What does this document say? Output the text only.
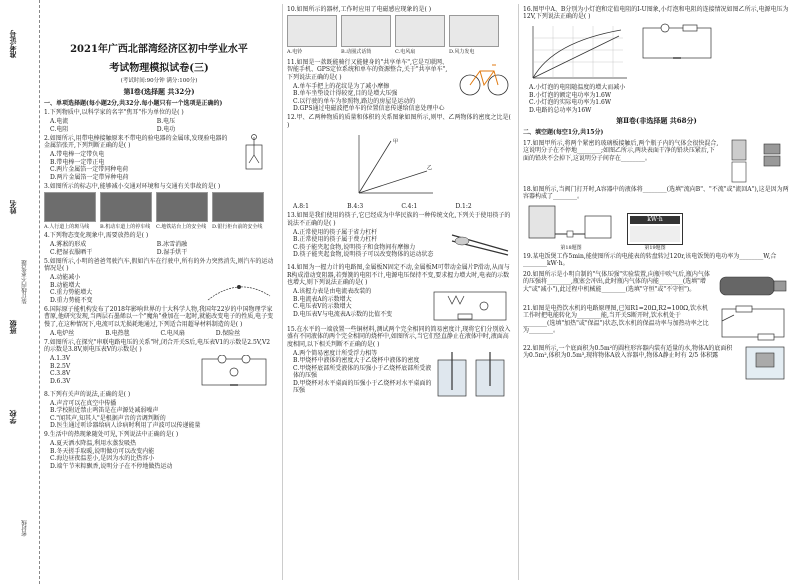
准考证号
姓名
班级
学校
装订线内不要答题
密封线
2021年广西北部湾经济区初中学业水平
考试物理模拟试卷(三)
(考试时间:90分钟 满分:100分)
第Ⅰ卷(选择题 共32分)
一、单项选择题(每小题2分,共32分.每小题只有一个选项是正确的)
1.下列物质中,以科学家的名字"焦耳"作为单位的是( )
A.电流	B.电压
C.电阻	D.电功
2.如图所示,用带电棒接触原来不带电的验电器的金属球,发现验电器的金属箔张开,下列判断正确的是( )
A.带电棒一定带负电
B.带电棒一定带正电
C.两片金属箔一定带同种电荷
D.两片金属箔一定带异种电荷
3.如图所示的标志中,能够减小交通对环境和与交通有关事故的是( )
A.人行道上的斑马线	B.机动车道上的停车线	C.地铁站台上的安全线	D.银行柜台前的安全线
4.下列物态变化现象中,需要放热的是( )
A.雾凇的形成	B.冰雪消融
C.把湿衣服晒干	D.湿手烘干
5.如图所示,小明的爸爸驾驶汽车,假如汽车在行驶中,所有的外力突然消失,则汽车的运动情况是( )
A.动能减小
B.动能增大
C.重力势能增大
D.重力势能不变
6.国际原子能机构发布了2018年影响世界的十大科学人物,我国年22岁的中国物理学家曹原,他研究发现,当两层石墨烯以一个"魔角"叠加在一起时,就能改变电子的性质,电子变慢了,在这种情况下,电流可以无损耗地通过,下列适合用超导材料制造的是( )
A.电炉丝	B.电热毯	C.电风扇	D.保险丝
7.如图所示,在探究"串联电路电压的关系"时,闭合开关S后,电压表V1的示数是2.5V,V2的示数是3.8V,则电压表V的示数是( )
A.1.3V
B.2.5V
C.3.8V
D.6.3V
8.下列有关声的说法,正确的是( )
A.声音可以在真空中传播
B.学校附近禁止鸣笛是在声源处减弱噪声
C."闻其声,知其人"是根据声音的音调判断的
D.医生通过听诊器给病人诊病时利用了声波可以传递能量
9.生活中的热现象随处可见,下列说法中正确的是( )
A.夏天洒水降温,利用水蒸发吸热
B.冬天搓手取暖,说明做功可以改变内能
C.海边昼夜温差小,是因为水的比热容小
D.端午节米粽飘香,说明分子在不停地做热运动
10.如图所示的器材,工作时应用了电磁感应现象的是( )
A.电铃	B.动圈式话筒	C.电风扇	D.风力发电
11.如图是一款既能骑行又能健身的"共享单车",它是互联网、智能手机、GPS定位系统和单车的资源整合,关于"共享单车",下列说法正确的是( )
A.单车手把上的花纹是为了减小摩擦
B.单车坐垫设计得较宽,目的是增大压强
C.以行驶的单车为参照物,路边的房屋是运动的
D.GPS通过电磁波把单车的位置信息传递给信息处理中心
12.甲、乙两种物质的质量和体积的关系图象如图所示,则甲、乙两物体的密度之比是( )
甲
乙
A.8:1	B.4:3	C.4:1	D.1:2
13.如图是我们使用的筷子,它已经成为中华民族的一种传统文化,下列关于使用筷子的说法不正确的是( )
A.正常使用的筷子属于省力杠杆
B.正常使用的筷子属于费力杠杆
C.筷子能夹起食物,说明筷子和食物间有摩擦力
D.筷子能夹起食物,说明筷子可以改变物体的运动状态
14.如图为一握力计的电路图,金属板N固定不动,金属板M可带动金属片P滑动,从而与R构成滑动变阻器,若弹簧的电阻不计,电源电压保持不变,要求握力增大时,电表的示数也增大,则下列说法正确的是( )
A.该握力表是由电流表改装的
B.电流表A的示数增大
C.电压表V的示数增大
D.电压表V与电流表A示数的比值不变
15.在水平的一端放置一些铜材料,测试两个完全相同的简易密度计,现将它们分别放入盛有不同液体的两个完全相同的烧杯中,如图所示,当它们竖直静止在液体中时,液面高度相同,以下相关判断不正确的是( )
A.两个简易密度计所受浮力相等
B.甲烧杯中液体的密度大于乙烧杯中液体的密度
C.甲烧杯底部所受液体的压强小于乙烧杯底部所受液体的压强
D.甲烧杯对水平桌面的压强小于乙烧杯对水平桌面的压强
16.图甲中A、B分别为小灯泡和定值电阻的I-U图象,小灯泡和电阻的连接情况如图乙所示,电源电压为12V,下列说法正确的是( )
A.小灯泡的电阻随温度的增大而减小
B.小灯泡的额定电功率为1.6W
C.小灯泡的实际电功率为1.6W
D.电路的总功率为16W
第Ⅱ卷(非选择题 共68分)
二、填空题(每空1分,共15分)
17.如图甲所示,将两个紧密的玻璃板接触后,两个瓶子内的气体会很快混合,这说明分子在不停地________;如图乙所示,两块表面干净的铅块压紧后,下面的铅块不会掉下,这说明分子间存在________。
18.如图所示,当阀门打开时,A容器中的液体将________(选填"流向B"、"不流"或"流回A"),这是因为两容器构成了________。
第18题图
kW·h
第19题图
19.某电饭煲工作5min,能使图所示的电能表的转盘转过120r,该电饭煲的电功率为________W,合________kW·h。
20.如图所示是小明自制的"气体压强"实验装置,向瓶中吹气后,瓶内气体的压强将________,瓶塞会冲出,此时瓶内气体的内能________(选填"增大"或"减小"),此过程中机械能________(选填"守恒"或"不守恒")。
21.如图是电热饮水机的电路原理图,已知R1=20Ω,R2=100Ω,饮水机工作时把电能转化为________能,当开关S断开时,饮水机处于________(选填"加热"或"保温")状态,饮水机的保温功率与加热功率之比为________。
22.如图所示,一个底面积为0.5m²的圆柱形容器内装有适量的水,物体A的底面积为0.5m²,体积为0.5m³,现将物体A放入容器中,物体A静止时有 2/5 体积露
